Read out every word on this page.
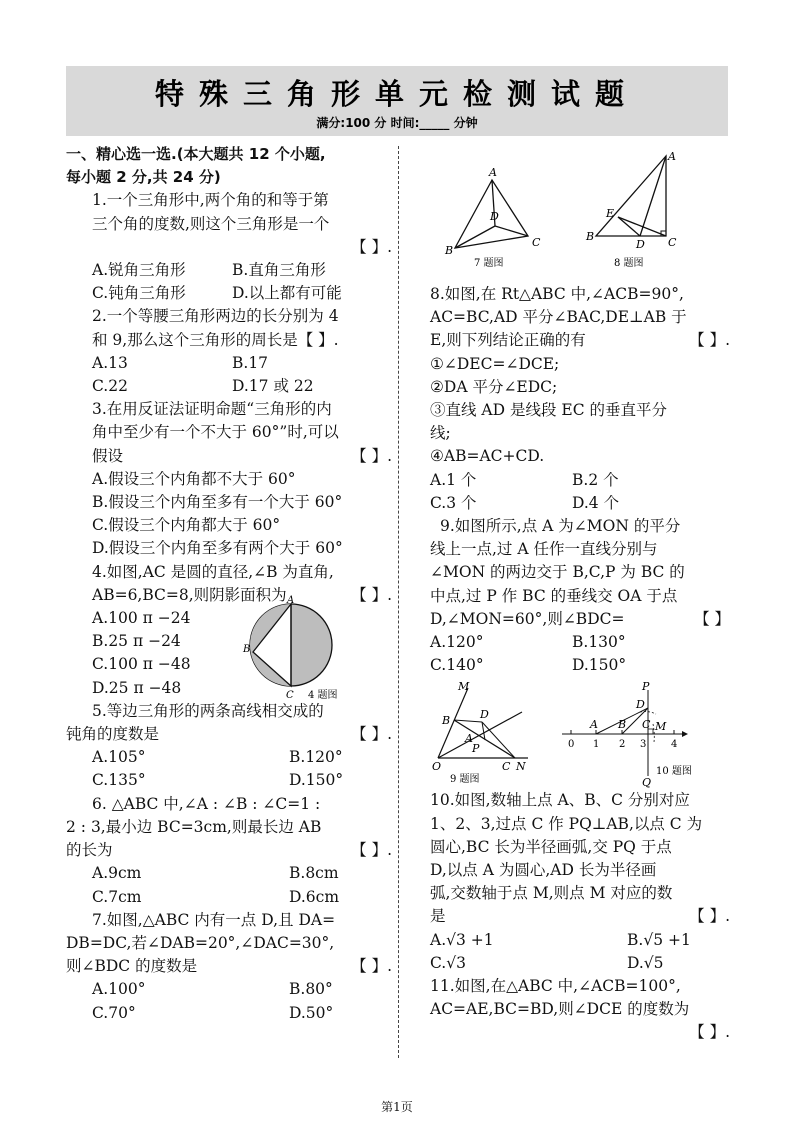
特殊三角形单元检测试题
满分:100 分 时间:_____ 分钟
一、精心选一选.(本大题共 12 个小题,
每小题 2 分,共 24 分)
1.一个三角形中,两个角的和等于第
三个角的度数,则这个三角形是一个
【 】.
A.锐角三角形	B.直角三角形
C.钝角三角形	D.以上都有可能
2.一个等腰三角形两边的长分别为 4
和 9,那么这个三角形的周长是【 】.
A.13	B.17
C.22	D.17 或 22
3.在用反证法证明命题“三角形的内
角中至少有一个不大于 60°”时,可以
假设	【 】.
A.假设三个内角都不大于 60°
B.假设三个内角至多有一个大于 60°
C.假设三个内角都大于 60°
D.假设三个内角至多有两个大于 60°
4.如图,AC 是圆的直径,∠B 为直角,
AB=6,BC=8,则阴影面积为	【 】.
A.100 π −24
B.25 π −24
C.100 π −48
D.25 π −48
A
B
C 4 题图
5.等边三角形的两条高线相交成的
钝角的度数是	【 】.
A.105°	B.120°
C.135°	D.150°
6. △ABC 中,∠A : ∠B : ∠C=1 :
2 : 3,最小边 BC=3cm,则最长边 AB
的长为	【 】.
A.9cm	B.8cm
C.7cm	D.6cm
7.如图,△ABC 内有一点 D,且 DA=
DB=DC,若∠DAB=20°,∠DAC=30°,
则∠BDC 的度数是	【 】.
A.100°	B.80°
C.70°	D.50°
A
B
C
D
7 题图
A
B	C
D
E
8 题图
8.如图,在 Rt△ABC 中,∠ACB=90°,
AC=BC,AD 平分∠BAC,DE⊥AB 于
E,则下列结论正确的有	【 】.
①∠DEC=∠DCE;
②DA 平分∠EDC;
③直线 AD 是线段 EC 的垂直平分
线;
④AB=AC+CD.
A.1 个	B.2 个
C.3 个	D.4 个
9.如图所示,点 A 为∠MON 的平分
线上一点,过 A 任作一直线分别与
∠MON 的两边交于 B,C,P 为 BC 的
中点,过 P 作 BC 的垂线交 OA 于点
D,∠MON=60°,则∠BDC=	【 】
A.120°	B.130°
C.140°	D.150°
10.如图,数轴上点 A、B、C 分别对应
1、2、3,过点 C 作 PQ⊥AB,以点 C 为
圆心,BC 长为半径画弧,交 PQ 于点
D,以点 A 为圆心,AD 长为半径画
弧,交数轴于点 M,则点 M 对应的数
是	【 】.
A.√3 +1	B.√5 +1
C.√3	D.√5
11.如图,在△ABC 中,∠ACB=100°,
AC=AE,BC=BD,则∠DCE 的度数为
【 】.
M
B	D
A
P
O	C N
9 题图
P
D
A B C M
Q
0 1 2 3 4
10 题图
第1页
